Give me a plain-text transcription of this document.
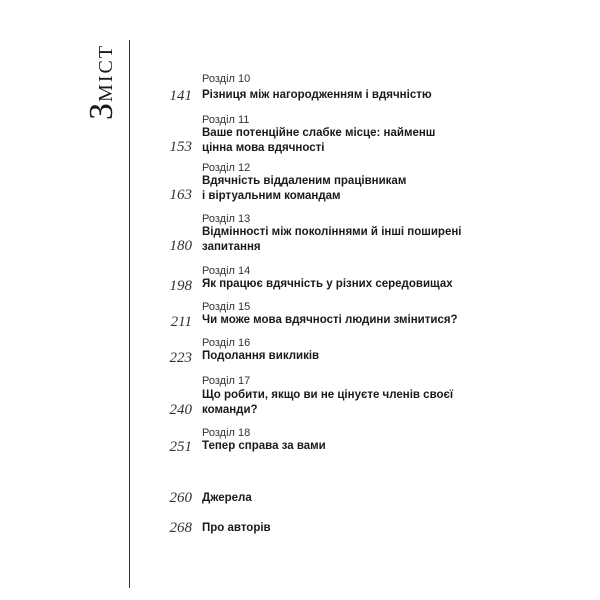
ЗМІСТ	Розділ 10
141 Різниця між нагородженням і вдячністю
Розділ 11
153
Ваше потенційне слабке місце: найменш
цінна мова вдячності
Розділ 12
163
Вдячність віддаленим працівникам
і віртуальним командам
Розділ 13
180
Відмінності між поколіннями й інші поширені
запитання
Розділ 14
198 Як працює вдячність у різних середовищах
Розділ 15
211 Чи може мова вдячності людини змінитися?
Розділ 16
223 Подолання викликів
Розділ 17
240
Що робити, якщо ви не цінуєте членів своєї
команди?
Розділ 18
251 Тепер справа за вами
260 Джерела
268 Про авторів
